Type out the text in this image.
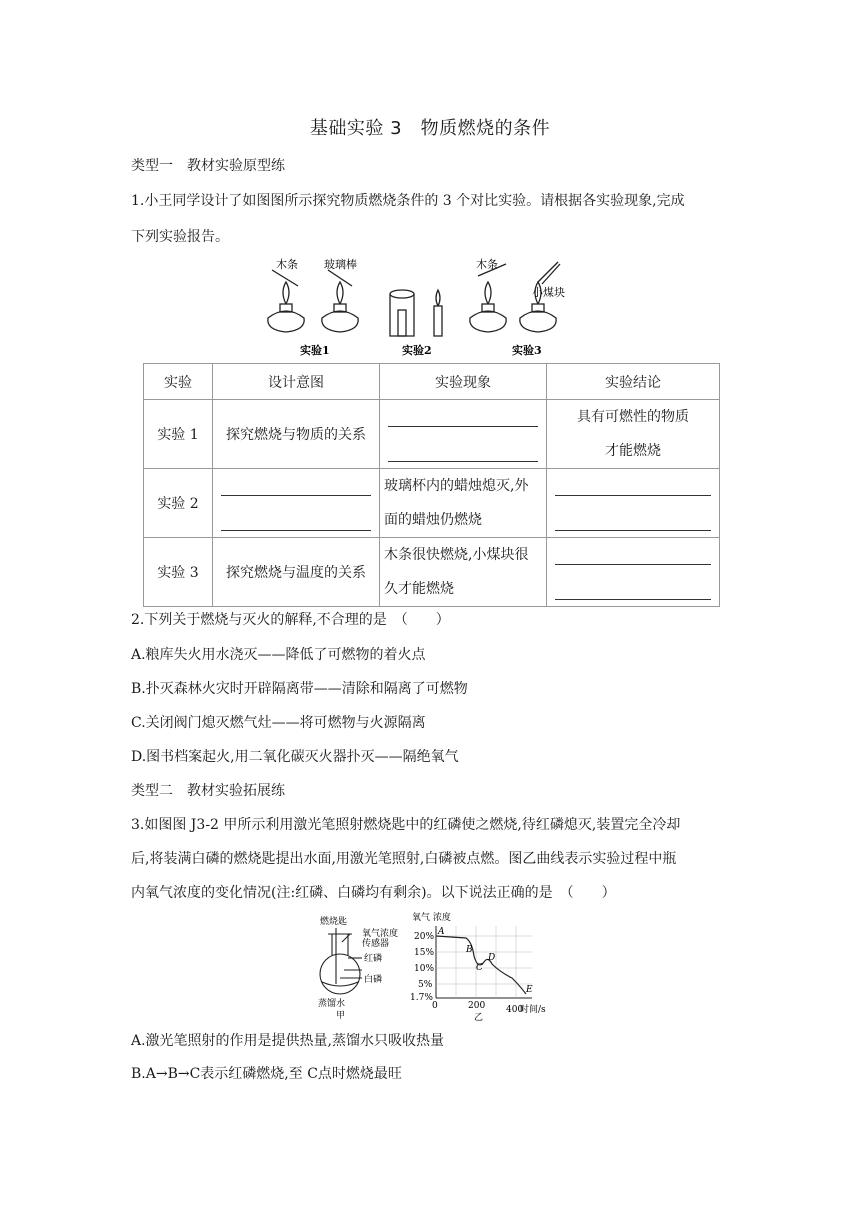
基础实验 3　物质燃烧的条件
类型一　教材实验原型练
1.小王同学设计了如图图所示探究物质燃烧条件的 3 个对比实验。请根据各实验现象,完成
下列实验报告。
木条 玻璃棒	木条
小煤块
实验1	实验2	实验3
实验	设计意图	实验现象	实验结论
实验 1	探究燃烧与物质的关系		具有可燃性的物质
才能燃烧
实验 2		玻璃杯内的蜡烛熄灭,外
面的蜡烛仍燃烧	

实验 3	探究燃烧与温度的关系	木条很快燃烧,小煤块很
久才能燃烧	
2.下列关于燃烧与灭火的解释,不合理的是　（　　）
A.粮库失火用水浇灭——降低了可燃物的着火点
B.扑灭森林火灾时开辟隔离带——清除和隔离了可燃物
C.关闭阀门熄灭燃气灶——将可燃物与火源隔离
D.图书档案起火,用二氧化碳灭火器扑灭——隔绝氧气
类型二　教材实验拓展练
3.如图图 J3-2 甲所示利用激光笔照射燃烧匙中的红磷使之燃烧,待红磷熄灭,装置完全冷却
后,将装满白磷的燃烧匙提出水面,用激光笔照射,白磷被点燃。图乙曲线表示实验过程中瓶
内氧气浓度的变化情况(注:红磷、白磷均有剩余)。以下说法正确的是　（　　）
燃烧匙
氧气浓度
传感器
红磷
白磷
蒸馏水
甲
氧气 浓度
20%
15%
10%
5%
1.7%
0	200 400
时间/s
A
B
C
D
E
乙
A.激光笔照射的作用是提供热量,蒸馏水只吸收热量
B.A→B→C表示红磷燃烧,至 C点时燃烧最旺
